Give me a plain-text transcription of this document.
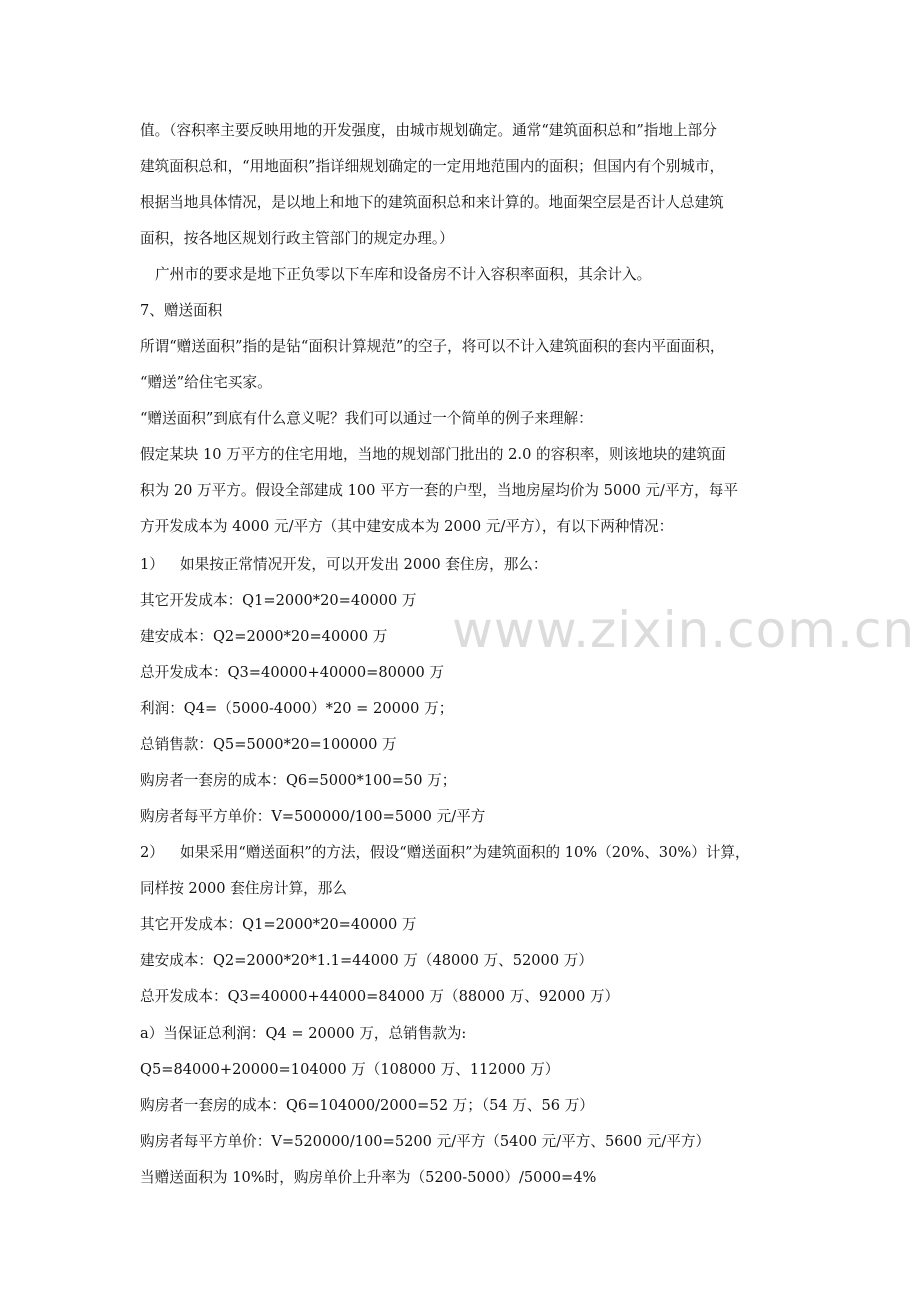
www.zixin.com.cn
值。（容积率主要反映用地的开发强度，由城市规划确定。通常“建筑面积总和”指地上部分
建筑面积总和，“用地面积”指详细规划确定的一定用地范围内的面积；但国内有个别城市，
根据当地具体情况，是以地上和地下的建筑面积总和来计算的。地面架空层是否计人总建筑
面积，按各地区规划行政主管部门的规定办理。）
广州市的要求是地下正负零以下车库和设备房不计入容积率面积，其余计入。
7、赠送面积
所谓“赠送面积”指的是钻“面积计算规范”的空子，将可以不计入建筑面积的套内平面面积，
“赠送”给住宅买家。
“赠送面积”到底有什么意义呢？我们可以通过一个简单的例子来理解：
假定某块 10 万平方的住宅用地，当地的规划部门批出的 2.0 的容积率，则该地块的建筑面
积为 20 万平方。假设全部建成 100 平方一套的户型，当地房屋均价为 5000 元/平方，每平
方开发成本为 4000 元/平方（其中建安成本为 2000 元/平方），有以下两种情况：
1） 如果按正常情况开发，可以开发出 2000 套住房，那么：
其它开发成本：Q1=2000*20=40000 万
建安成本：Q2=2000*20=40000 万
总开发成本：Q3=40000+40000=80000 万
利润：Q4=（5000-4000）*20 = 20000 万；
总销售款：Q5=5000*20=100000 万
购房者一套房的成本：Q6=5000*100=50 万；
购房者每平方单价：V=500000/100=5000 元/平方
2） 如果采用“赠送面积”的方法，假设“赠送面积”为建筑面积的 10%（20%、30%）计算，
同样按 2000 套住房计算，那么
其它开发成本：Q1=2000*20=40000 万
建安成本：Q2=2000*20*1.1=44000 万（48000 万、52000 万）
总开发成本：Q3=40000+44000=84000 万（88000 万、92000 万）
a）当保证总利润：Q4 = 20000 万，总销售款为:
Q5=84000+20000=104000 万（108000 万、112000 万）
购房者一套房的成本：Q6=104000/2000=52 万；（54 万、56 万）
购房者每平方单价：V=520000/100=5200 元/平方（5400 元/平方、5600 元/平方）
当赠送面积为 10%时，购房单价上升率为（5200-5000）/5000=4%
